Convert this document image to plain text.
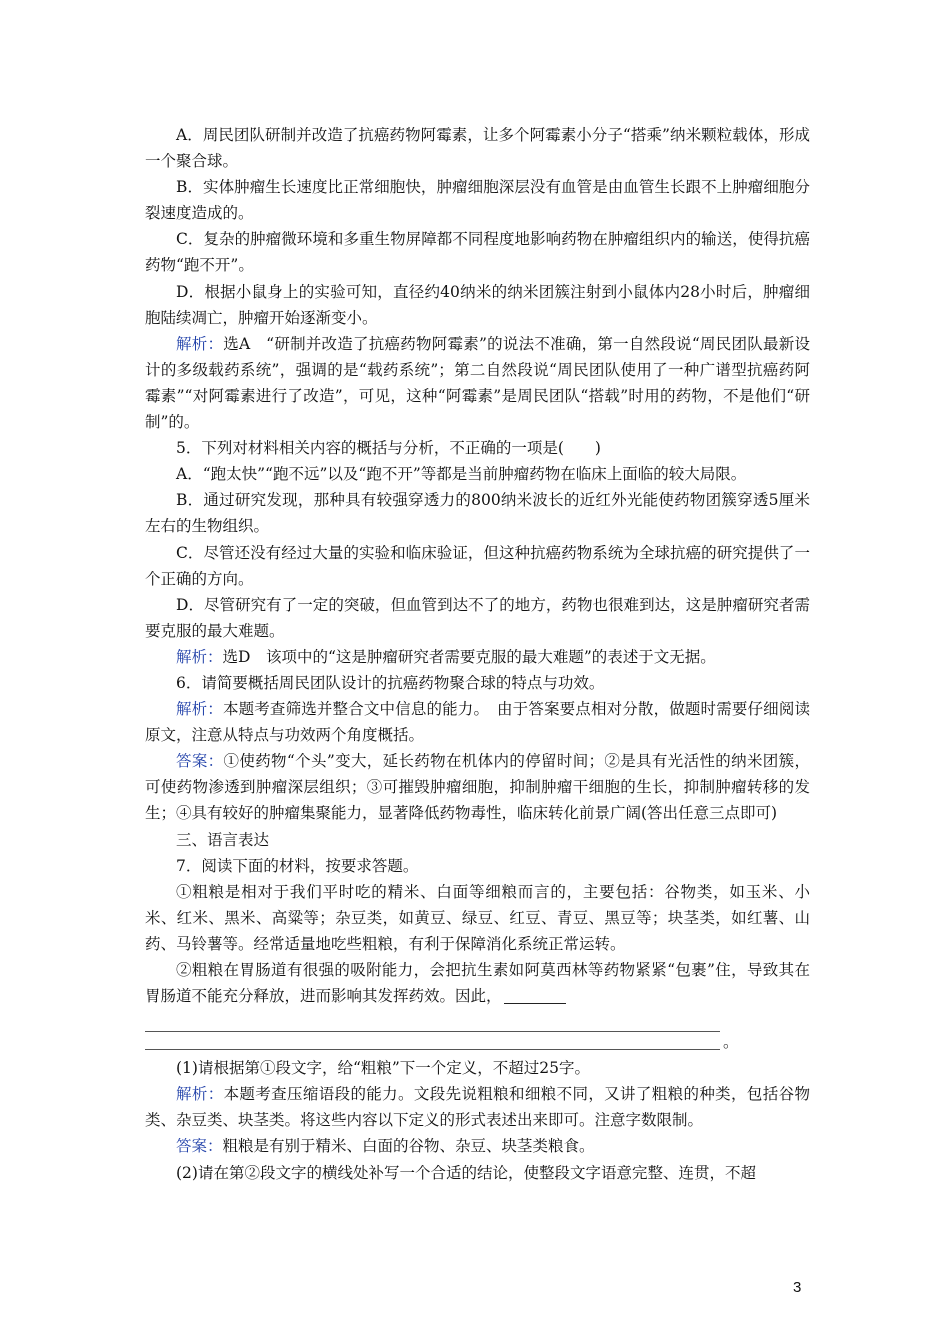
A．周民团队研制并改造了抗癌药物阿霉素，让多个阿霉素小分子“搭乘”纳米颗粒载体，形成一个聚合球。

B．实体肿瘤生长速度比正常细胞快，肿瘤细胞深层没有血管是由血管生长跟不上肿瘤细胞分裂速度造成的。

C．复杂的肿瘤微环境和多重生物屏障都不同程度地影响药物在肿瘤组织内的输送，使得抗癌药物“跑不开”。

D．根据小鼠身上的实验可知，直径约40纳米的纳米团簇注射到小鼠体内28小时后，肿瘤细胞陆续凋亡，肿瘤开始逐渐变小。

解析：选A　“研制并改造了抗癌药物阿霉素”的说法不准确，第一自然段说“周民团队最新设计的多级载药系统”，强调的是“载药系统”；第二自然段说“周民团队使用了一种广谱型抗癌药阿霉素”“对阿霉素进行了改造”，可见，这种“阿霉素”是周民团队“搭载”时用的药物，不是他们“研制”的。

5．下列对材料相关内容的概括与分析，不正确的一项是(　　)

A．“跑太快”“跑不远”以及“跑不开”等都是当前肿瘤药物在临床上面临的较大局限。

B．通过研究发现，那种具有较强穿透力的800纳米波长的近红外光能使药物团簇穿透5厘米左右的生物组织。

C．尽管还没有经过大量的实验和临床验证，但这种抗癌药物系统为全球抗癌的研究提供了一个正确的方向。

D．尽管研究有了一定的突破，但血管到达不了的地方，药物也很难到达，这是肿瘤研究者需要克服的最大难题。

解析：选D　该项中的“这是肿瘤研究者需要克服的最大难题”的表述于文无据。

6．请简要概括周民团队设计的抗癌药物聚合球的特点与功效。

解析：本题考查筛选并整合文中信息的能力。　由于答案要点相对分散，做题时需要仔细阅读原文，注意从特点与功效两个角度概括。

答案：①使药物“个头”变大，延长药物在机体内的停留时间；②是具有光活性的纳米团簇，可使药物渗透到肿瘤深层组织；③可摧毁肿瘤细胞，抑制肿瘤干细胞的生长，抑制肿瘤转移的发生；④具有较好的肿瘤集聚能力，显著降低药物毒性，临床转化前景广阔(答出任意三点即可)

三、语言表达

7．阅读下面的材料，按要求答题。

①粗粮是相对于我们平时吃的精米、白面等细粮而言的，主要包括：谷物类，如玉米、小米、红米、黑米、高粱等；杂豆类，如黄豆、绿豆、红豆、青豆、黑豆等；块茎类，如红薯、山药、马铃薯等。经常适量地吃些粗粮，有利于保障消化系统正常运转。

②粗粮在胃肠道有很强的吸附能力，会把抗生素如阿莫西林等药物紧紧“包裹”住，导致其在胃肠道不能充分释放，进而影响其发挥药效。因此，

。

(1)请根据第①段文字，给“粗粮”下一个定义，不超过25字。

解析：本题考查压缩语段的能力。文段先说粗粮和细粮不同，又讲了粗粮的种类，包括谷物类、杂豆类、块茎类。将这些内容以下定义的形式表述出来即可。注意字数限制。

答案：粗粮是有别于精米、白面的谷物、杂豆、块茎类粮食。

(2)请在第②段文字的横线处补写一个合适的结论，使整段文字语意完整、连贯，不超

3
